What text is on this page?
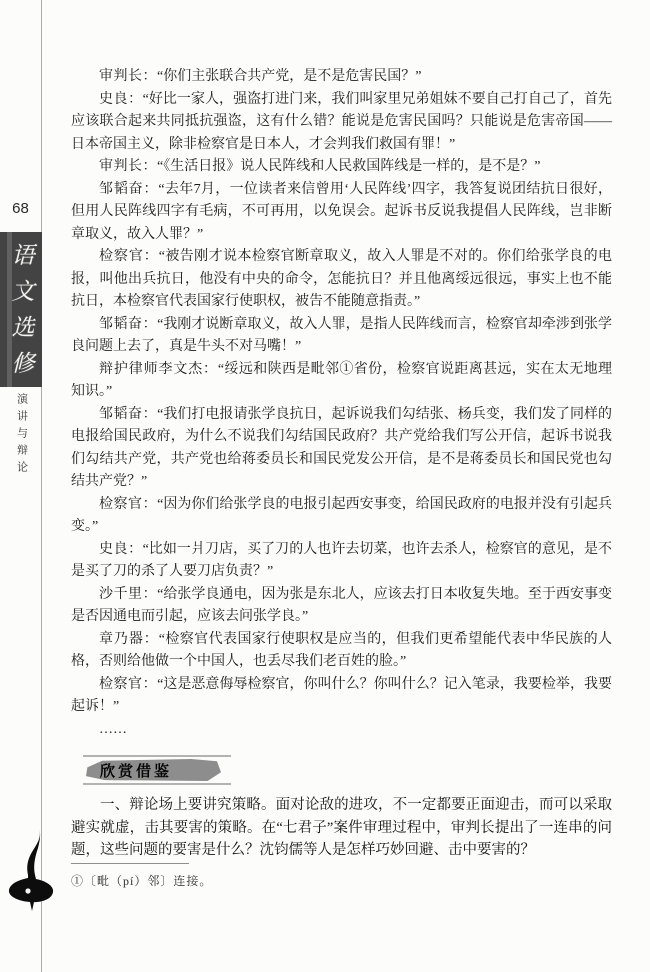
68
语文选修
演讲与辩论

审判长：“你们主张联合共产党，是不是危害民国？”

史良：“好比一家人，强盗打进门来，我们叫家里兄弟姐妹不要自己打自己了，首先应该联合起来共同抵抗强盗，这有什么错？能说是危害民国吗？只能说是危害帝国——日本帝国主义，除非检察官是日本人，才会判我们救国有罪！”

审判长：“《生活日报》说人民阵线和人民救国阵线是一样的，是不是？”

邹韬奋：“去年7月，一位读者来信曾用‘人民阵线’四字，我答复说团结抗日很好，但用人民阵线四字有毛病，不可再用，以免误会。起诉书反说我提倡人民阵线，岂非断章取义，故入人罪？”

检察官：“被告刚才说本检察官断章取义，故入人罪是不对的。你们给张学良的电报，叫他出兵抗日，他没有中央的命令，怎能抗日？并且他离绥远很远，事实上也不能抗日，本检察官代表国家行使职权，被告不能随意指责。”

邹韬奋：“我刚才说断章取义，故入人罪，是指人民阵线而言，检察官却牵涉到张学良问题上去了，真是牛头不对马嘴！”

辩护律师李文杰：“绥远和陕西是毗邻①省份，检察官说距离甚远，实在太无地理知识。”

邹韬奋：“我们打电报请张学良抗日，起诉说我们勾结张、杨兵变，我们发了同样的电报给国民政府，为什么不说我们勾结国民政府？共产党给我们写公开信，起诉书说我们勾结共产党，共产党也给蒋委员长和国民党发公开信，是不是蒋委员长和国民党也勾结共产党？”

检察官：“因为你们给张学良的电报引起西安事变，给国民政府的电报并没有引起兵变。”

史良：“比如一爿刀店，买了刀的人也许去切菜，也许去杀人，检察官的意见，是不是买了刀的杀了人要刀店负责？”

沙千里：“给张学良通电，因为张是东北人，应该去打日本收复失地。至于西安事变是否因通电而引起，应该去问张学良。”

章乃器：“检察官代表国家行使职权是应当的，但我们更希望能代表中华民族的人格，否则给他做一个中国人，也丢尽我们老百姓的脸。”

检察官：“这是恶意侮辱检察官，你叫什么？你叫什么？记入笔录，我要检举，我要起诉！”

……

欣赏借鉴

一、辩论场上要讲究策略。面对论敌的进攻，不一定都要正面迎击，而可以采取避实就虚，击其要害的策略。在“七君子”案件审理过程中，审判长提出了一连串的问题，这些问题的要害是什么？沈钧儒等人是怎样巧妙回避、击中要害的？

①〔毗（pí）邻〕连接。
